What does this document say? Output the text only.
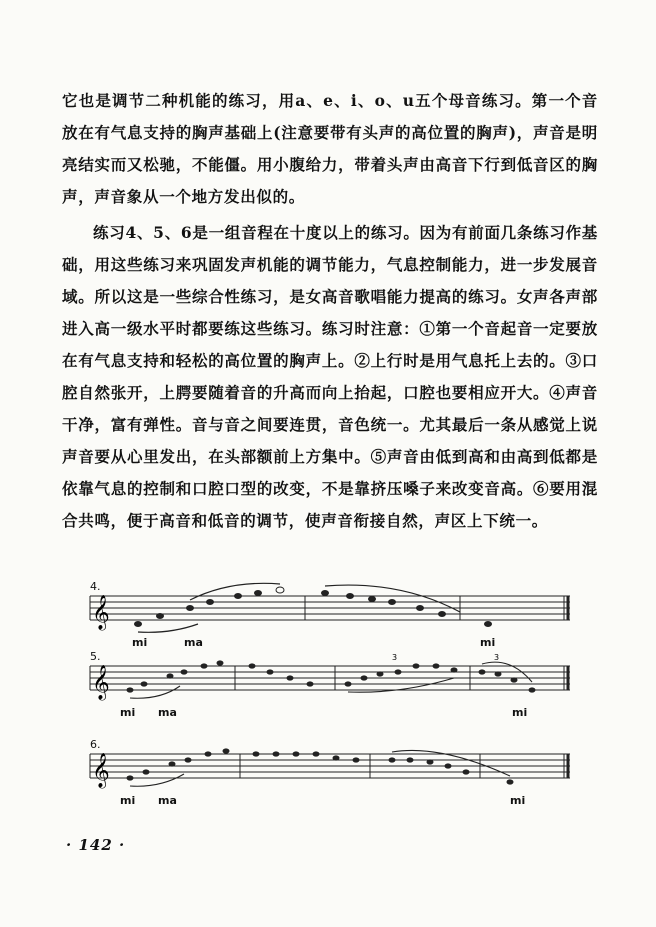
它也是调节二种机能的练习，用a、e、i、o、u五个母音练习。第一个音放在有气息支持的胸声基础上(注意要带有头声的高位置的胸声)，声音是明亮结实而又松驰，不能僵。用小腹给力，带着头声由高音下行到低音区的胸声，声音象从一个地方发出似的。

练习4、5、6是一组音程在十度以上的练习。因为有前面几条练习作基础，用这些练习来巩固发声机能的调节能力，气息控制能力，进一步发展音域。所以这是一些综合性练习，是女高音歌唱能力提高的练习。女声各声部进入高一级水平时都要练这些练习。练习时注意：①第一个音起音一定要放在有气息支持和轻松的高位置的胸声上。②上行时是用气息托上去的。③口腔自然张开，上腭要随着音的升高而向上抬起，口腔也要相应开大。④声音干净，富有弹性。音与音之间要连贯，音色统一。尤其最后一条从感觉上说声音要从心里发出，在头部额前上方集中。⑤声音由低到高和由高到低都是依靠气息的控制和口腔口型的改变，不是靠挤压嗓子来改变音高。⑥要用混合共鸣，便于高音和低音的调节，使声音衔接自然，声区上下统一。

4.
𝄞
mi	ma	mi
5.
𝄞
3	3
mi ma	mi
6.
𝄞
mi ma	mi
· 142 ·
